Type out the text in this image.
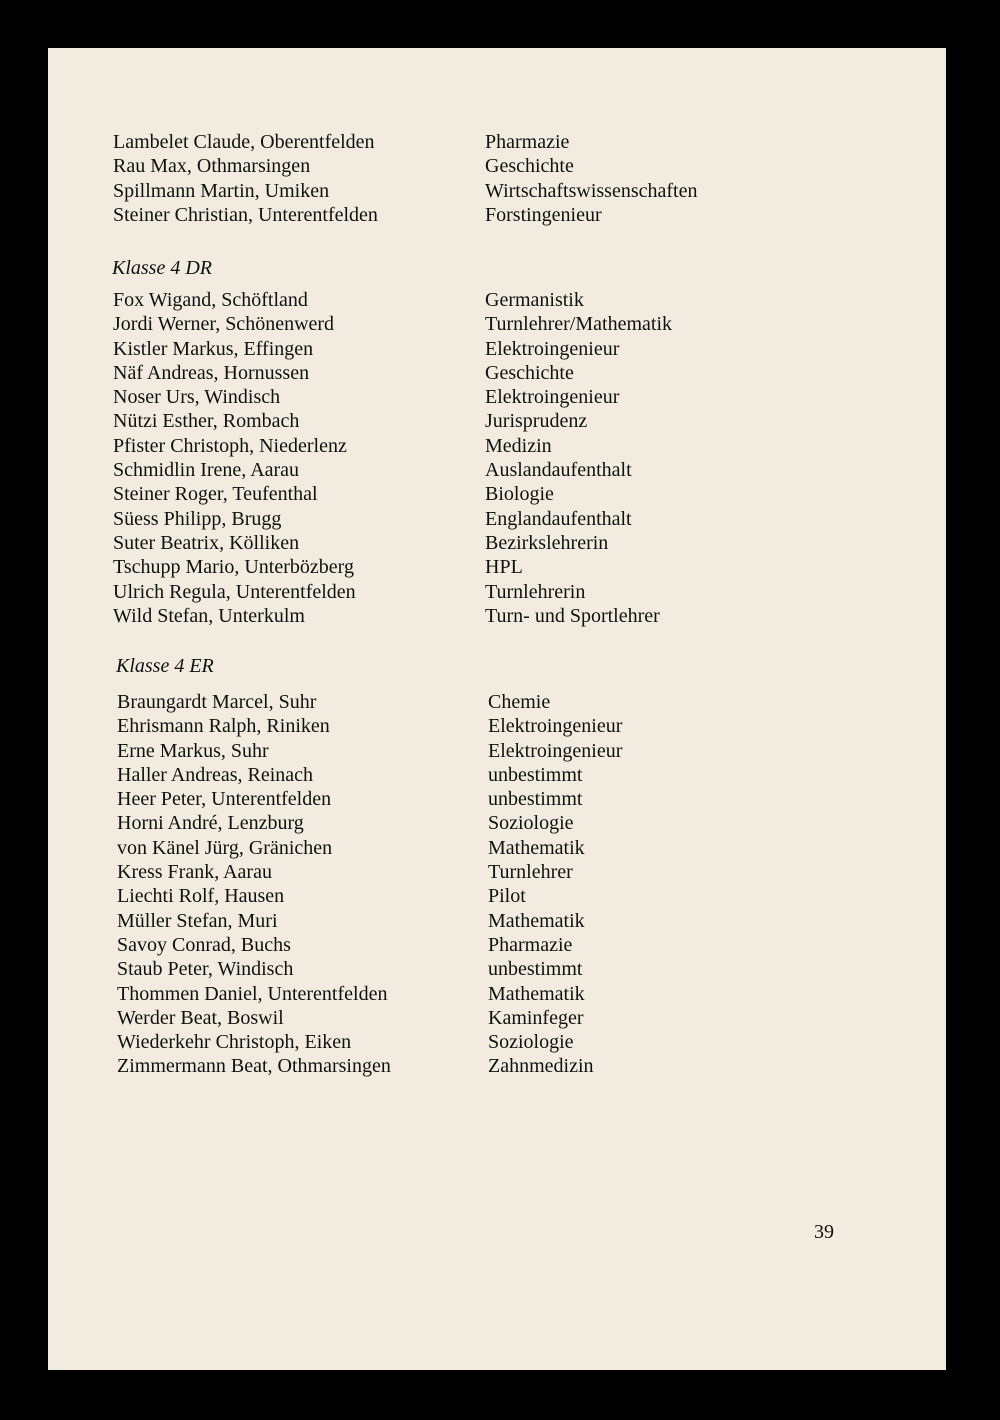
Lambelet Claude, Oberentfelden	Pharmazie
Rau Max, Othmarsingen	Geschichte
Spillmann Martin, Umiken	Wirtschaftswissenschaften
Steiner Christian, Unterentfelden	Forstingenieur
Klasse 4 DR
Fox Wigand, Schöftland	Germanistik
Jordi Werner, Schönenwerd	Turnlehrer/Mathematik
Kistler Markus, Effingen	Elektroingenieur
Näf Andreas, Hornussen	Geschichte
Noser Urs, Windisch	Elektroingenieur
Nützi Esther, Rombach	Jurisprudenz
Pfister Christoph, Niederlenz	Medizin
Schmidlin Irene, Aarau	Auslandaufenthalt
Steiner Roger, Teufenthal	Biologie
Süess Philipp, Brugg	Englandaufenthalt
Suter Beatrix, Kölliken	Bezirkslehrerin
Tschupp Mario, Unterbözberg	HPL
Ulrich Regula, Unterentfelden	Turnlehrerin
Wild Stefan, Unterkulm	Turn- und Sportlehrer
Klasse 4 ER
Braungardt Marcel, Suhr	Chemie
Ehrismann Ralph, Riniken	Elektroingenieur
Erne Markus, Suhr	Elektroingenieur
Haller Andreas, Reinach	unbestimmt
Heer Peter, Unterentfelden	unbestimmt
Horni André, Lenzburg	Soziologie
von Känel Jürg, Gränichen	Mathematik
Kress Frank, Aarau	Turnlehrer
Liechti Rolf, Hausen	Pilot
Müller Stefan, Muri	Mathematik
Savoy Conrad, Buchs	Pharmazie
Staub Peter, Windisch	unbestimmt
Thommen Daniel, Unterentfelden	Mathematik
Werder Beat, Boswil	Kaminfeger
Wiederkehr Christoph, Eiken	Soziologie
Zimmermann Beat, Othmarsingen	Zahnmedizin
39
